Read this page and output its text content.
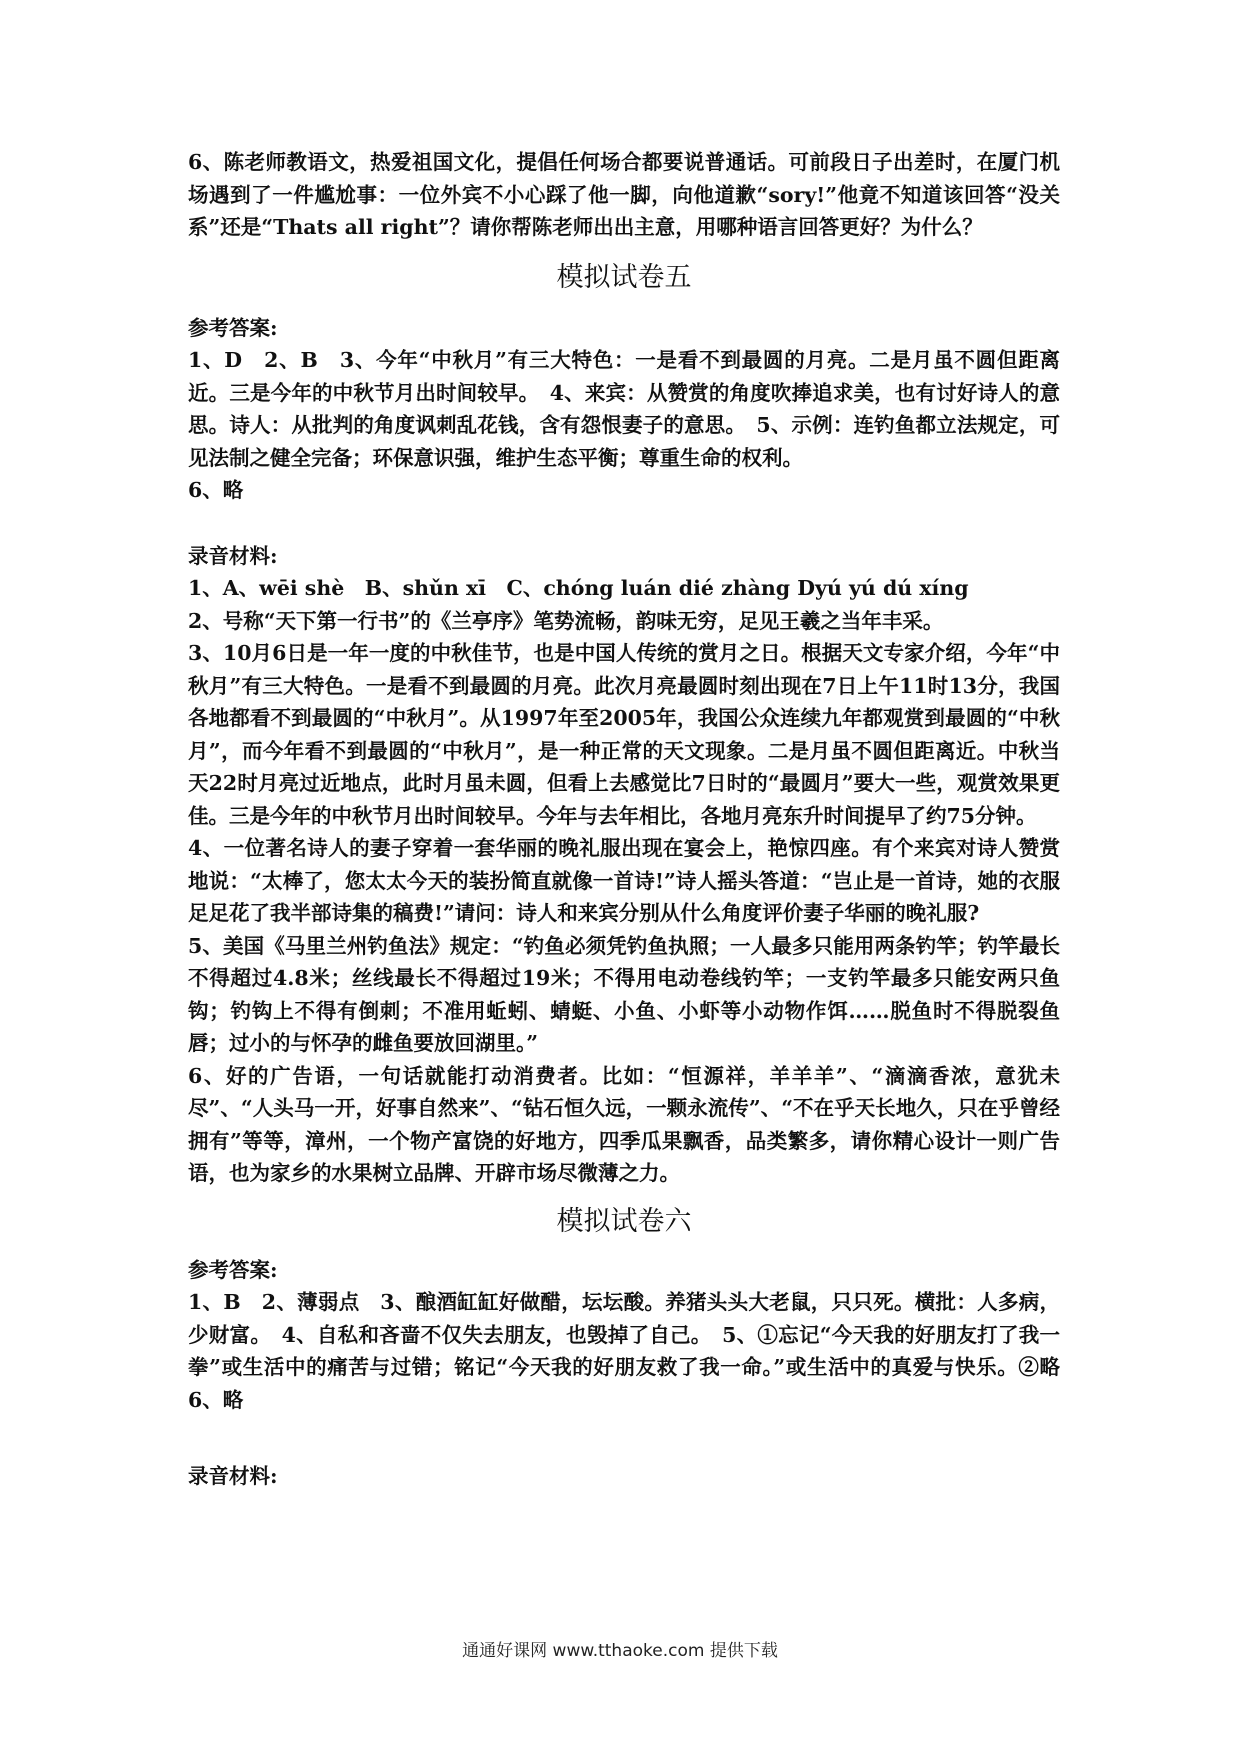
6、陈老师教语文，热爱祖国文化，提倡任何场合都要说普通话。可前段日子出差时，在厦门机场遇到了一件尴尬事：一位外宾不小心踩了他一脚，向他道歉“sory!”他竟不知道该回答“没关系”还是“Thats all right”？请你帮陈老师出出主意，用哪种语言回答更好？为什么？

模拟试卷五

参考答案:

1、D　2、B　3、今年“中秋月”有三大特色：一是看不到最圆的月亮。二是月虽不圆但距离近。三是今年的中秋节月出时间较早。　4、来宾：从赞赏的角度吹捧追求美，也有讨好诗人的意思。诗人：从批判的角度讽刺乱花钱，含有怨恨妻子的意思。　5、示例：连钓鱼都立法规定，可见法制之健全完备；环保意识强，维护生态平衡；尊重生命的权利。

6、略

录音材料:

1、A、wēi shè　B、shǔn xī　C、chóng luán dié zhàng Dyú yú dú xíng

2、号称“天下第一行书”的《兰亭序》笔势流畅，韵味无穷，足见王羲之当年丰采。

3、10月6日是一年一度的中秋佳节，也是中国人传统的赏月之日。根据天文专家介绍，今年“中秋月”有三大特色。一是看不到最圆的月亮。此次月亮最圆时刻出现在7日上午11时13分，我国各地都看不到最圆的“中秋月”。从1997年至2005年，我国公众连续九年都观赏到最圆的“中秋月”，而今年看不到最圆的“中秋月”，是一种正常的天文现象。二是月虽不圆但距离近。中秋当天22时月亮过近地点，此时月虽未圆，但看上去感觉比7日时的“最圆月”要大一些，观赏效果更佳。三是今年的中秋节月出时间较早。今年与去年相比，各地月亮东升时间提早了约75分钟。

4、一位著名诗人的妻子穿着一套华丽的晚礼服出现在宴会上，艳惊四座。有个来宾对诗人赞赏地说：“太棒了，您太太今天的装扮简直就像一首诗!”诗人摇头答道：“岂止是一首诗，她的衣服足足花了我半部诗集的稿费!”请问：诗人和来宾分别从什么角度评价妻子华丽的晚礼服?

5、美国《马里兰州钓鱼法》规定：“钓鱼必须凭钓鱼执照；一人最多只能用两条钓竿；钓竿最长不得超过4.8米；丝线最长不得超过19米；不得用电动卷线钓竿；一支钓竿最多只能安两只鱼钩；钓钩上不得有倒刺；不准用蚯蚓、蜻蜓、小鱼、小虾等小动物作饵……脱鱼时不得脱裂鱼唇；过小的与怀孕的雌鱼要放回湖里。”

6、好的广告语，一句话就能打动消费者。比如：“恒源祥，羊羊羊”、“滴滴香浓，意犹未尽”、“人头马一开，好事自然来”、“钻石恒久远，一颗永流传”、“不在乎天长地久，只在乎曾经拥有”等等，漳州，一个物产富饶的好地方，四季瓜果飘香，品类繁多，请你精心设计一则广告语，也为家乡的水果树立品牌、开辟市场尽微薄之力。

模拟试卷六

参考答案:

1、B　2、薄弱点　3、酿酒缸缸好做醋，坛坛酸。养猪头头大老鼠，只只死。横批：人多病，少财富。　4、自私和吝啬不仅失去朋友，也毁掉了自己。　5、①忘记“今天我的好朋友打了我一拳”或生活中的痛苦与过错；铭记“今天我的好朋友救了我一命。”或生活中的真爱与快乐。②略　6、略

录音材料:

通通好课网 www.tthaoke.com 提供下载
